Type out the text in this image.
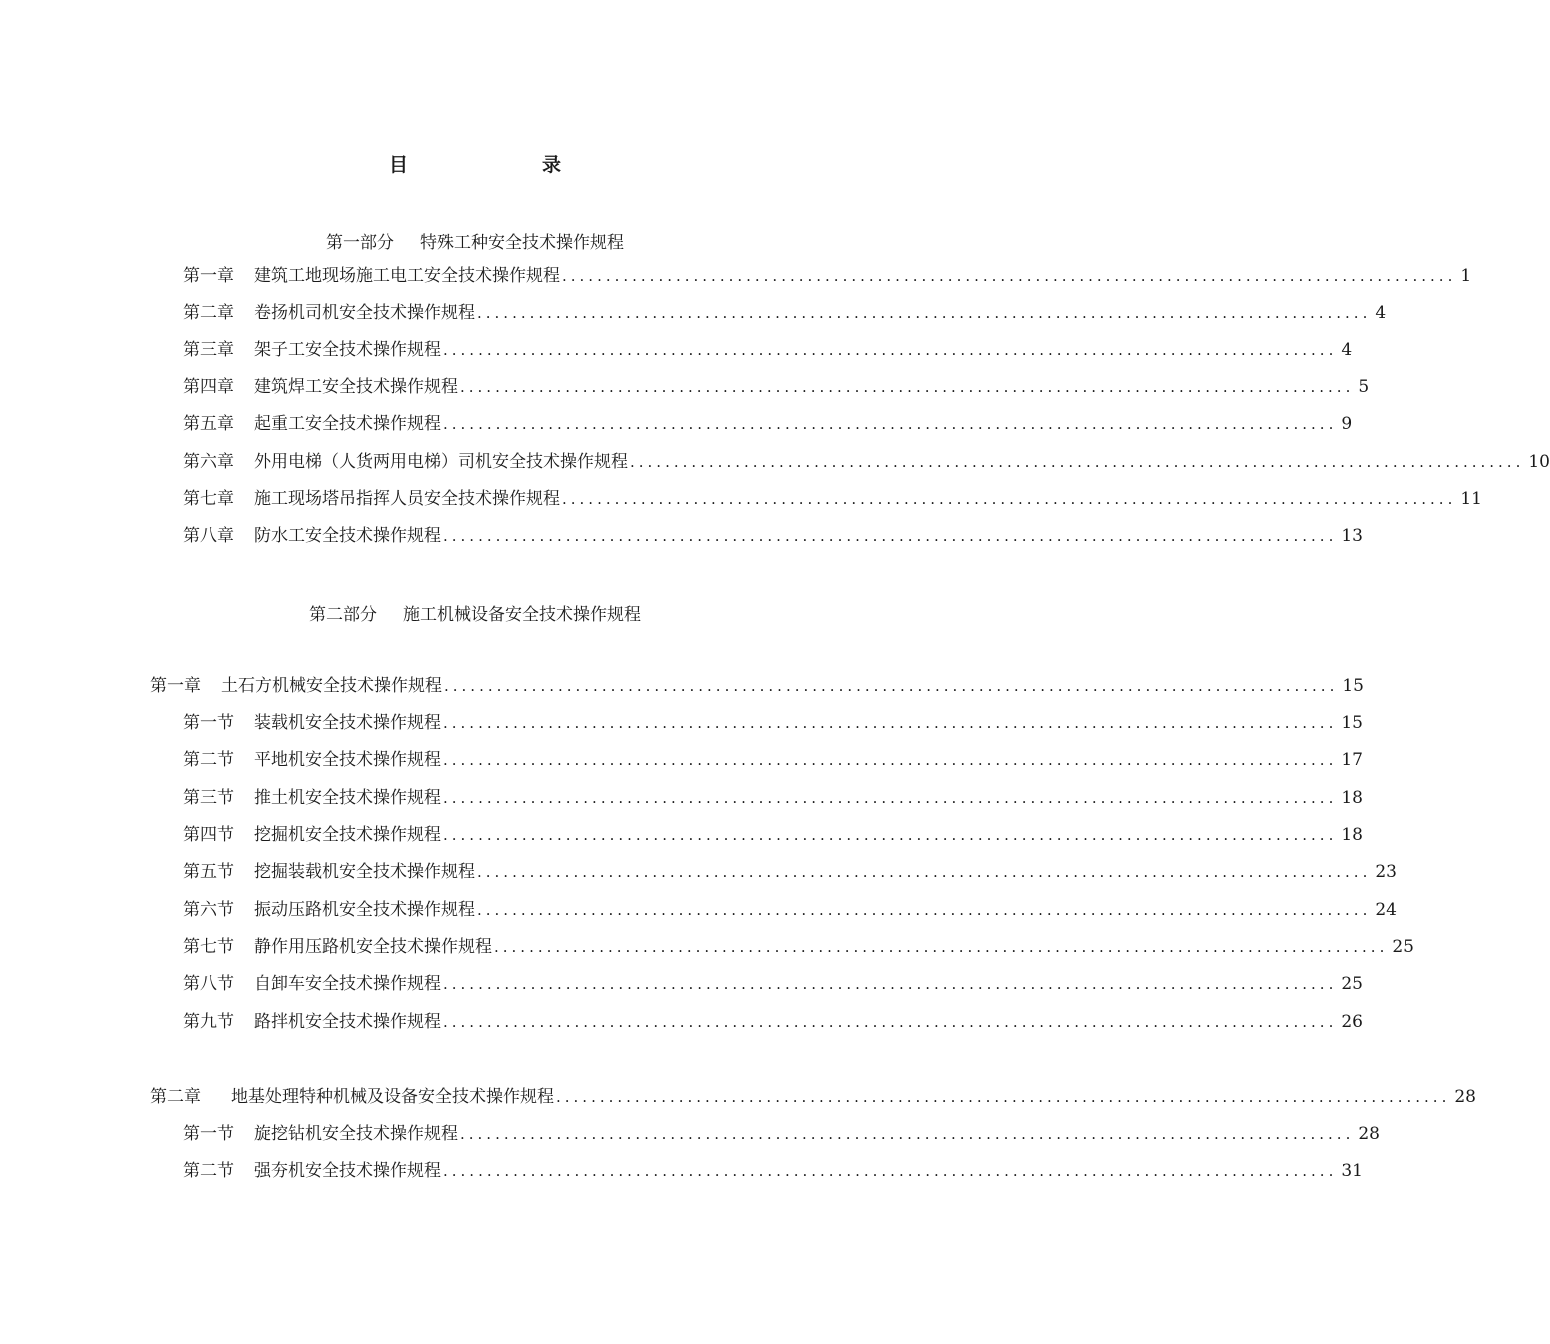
目　　录
第一部分 特殊工种安全技术操作规程
第一章 建筑工地现场施工电工安全技术操作规程 ...................................................................................................... 1
第二章 卷扬机司机安全技术操作规程 ...................................................................................................... 4
第三章 架子工安全技术操作规程 ...................................................................................................... 4
第四章 建筑焊工安全技术操作规程 ...................................................................................................... 5
第五章 起重工安全技术操作规程 ...................................................................................................... 9
第六章 外用电梯（人货两用电梯）司机安全技术操作规程 ...................................................................................................... 10
第七章 施工现场塔吊指挥人员安全技术操作规程 ...................................................................................................... 11
第八章 防水工安全技术操作规程 ...................................................................................................... 13
第二部分 施工机械设备安全技术操作规程
第一章 土石方机械安全技术操作规程 ...................................................................................................... 15
第一节 装载机安全技术操作规程 ...................................................................................................... 15
第二节 平地机安全技术操作规程 ...................................................................................................... 17
第三节 推土机安全技术操作规程 ...................................................................................................... 18
第四节 挖掘机安全技术操作规程 ...................................................................................................... 18
第五节 挖掘装载机安全技术操作规程 ...................................................................................................... 23
第六节 振动压路机安全技术操作规程 ...................................................................................................... 24
第七节 静作用压路机安全技术操作规程 ...................................................................................................... 25
第八节 自卸车安全技术操作规程 ...................................................................................................... 25
第九节 路拌机安全技术操作规程 ...................................................................................................... 26
第二章 地基处理特种机械及设备安全技术操作规程 ...................................................................................................... 28
第一节 旋挖钻机安全技术操作规程 ...................................................................................................... 28
第二节 强夯机安全技术操作规程 ...................................................................................................... 31
